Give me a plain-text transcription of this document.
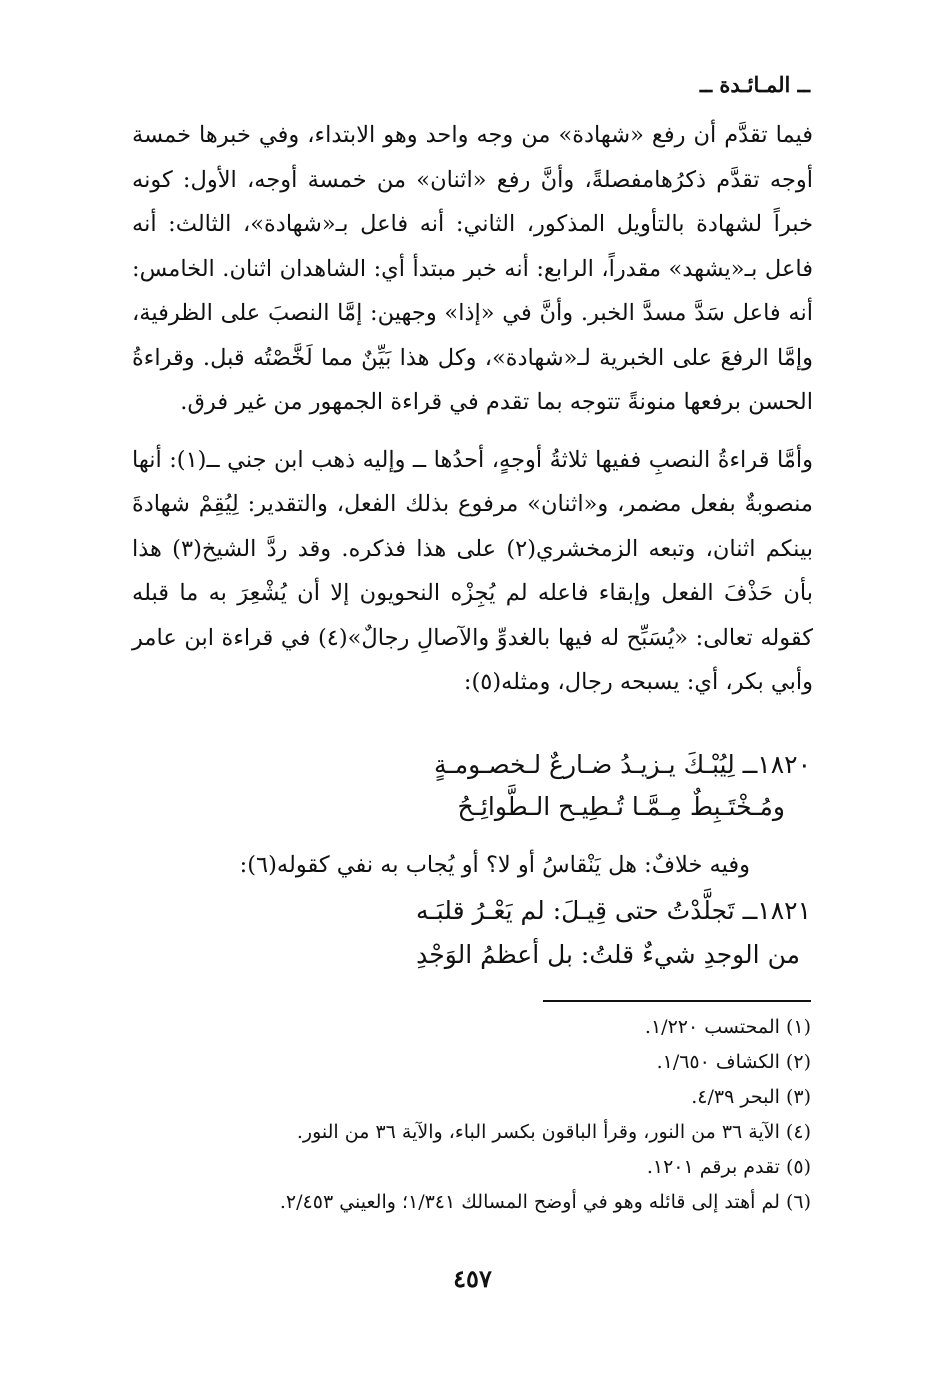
ــ المـائـدة ــ

فيما تقدَّم أن رفع «شهادة» من وجه واحد وهو الابتداء، وفي خبرها خمسة أوجه تقدَّم ذكرُهامفصلةً، وأنَّ رفع «اثنان» من خمسة أوجه، الأول: كونه خبراً لشهادة بالتأويل المذكور، الثاني: أنه فاعل بـ«شهادة»، الثالث: أنه فاعل بـ«يشهد» مقدراً، الرابع: أنه خبر مبتدأ أي: الشاهدان اثنان. الخامس: أنه فاعل سَدَّ مسدَّ الخبر. وأنَّ في «إذا» وجهين: إمَّا النصبَ على الظرفية، وإمَّا الرفعَ على الخبرية لـ«شهادة»، وكل هذا بَيِّنٌ مما لَخَّصْتُه قبل. وقراءةُ الحسن برفعها منونةً تتوجه بما تقدم في قراءة الجمهور من غير فرق.

وأمَّا قراءةُ النصبِ ففيها ثلاثةُ أوجهٍ، أحدُها ــ وإليه ذهب ابن جني ــ(١): أنها منصوبةٌ بفعل مضمر، و«اثنان» مرفوع بذلك الفعل، والتقدير: لِيُقِمْ شهادةَ بينكم اثنان، وتبعه الزمخشري(٢) على هذا فذكره. وقد ردَّ الشيخ(٣) هذا بأن حَذْفَ الفعل وإبقاء فاعله لم يُجِزْه النحويون إلا أن يُشْعِرَ به ما قبله كقوله تعالى: «يُسَبِّح له فيها بالغدوِّ والآصالِ رجالٌ»(٤) في قراءة ابن عامر وأبي بكر، أي: يسبحه رجال، ومثله(٥):

١٨٢٠ــ لِيُبْـكَ يـزيـدُ ضـارعٌ لـخصـومـةٍ
ومُـخْتَـبِطٌ مِـمَّـا تُـطِيـح الـطَّوائِـحُ
وفيه خلافٌ: هل يَنْقاسُ أو لا؟ أو يُجاب به نفي كقوله(٦):
١٨٢١ــ تَجلَّدْتُ حتى قِيـلَ: لم يَعْـرُ قلبَـه
من الوجدِ شيءٌ قلتُ: بل أعظمُ الوَجْدِ
(١) المحتسب ١/٢٢٠.
(٢) الكشاف ١/٦٥٠.
(٣) البحر ٤/٣٩.
(٤) الآية ٣٦ من النور، وقرأ الباقون بكسر الباء، والآية ٣٦ من النور.
(٥) تقدم برقم ١٢٠١.
(٦) لم أهتد إلى قائله وهو في أوضح المسالك ١/٣٤١؛ والعيني ٢/٤٥٣.
٤٥٧
